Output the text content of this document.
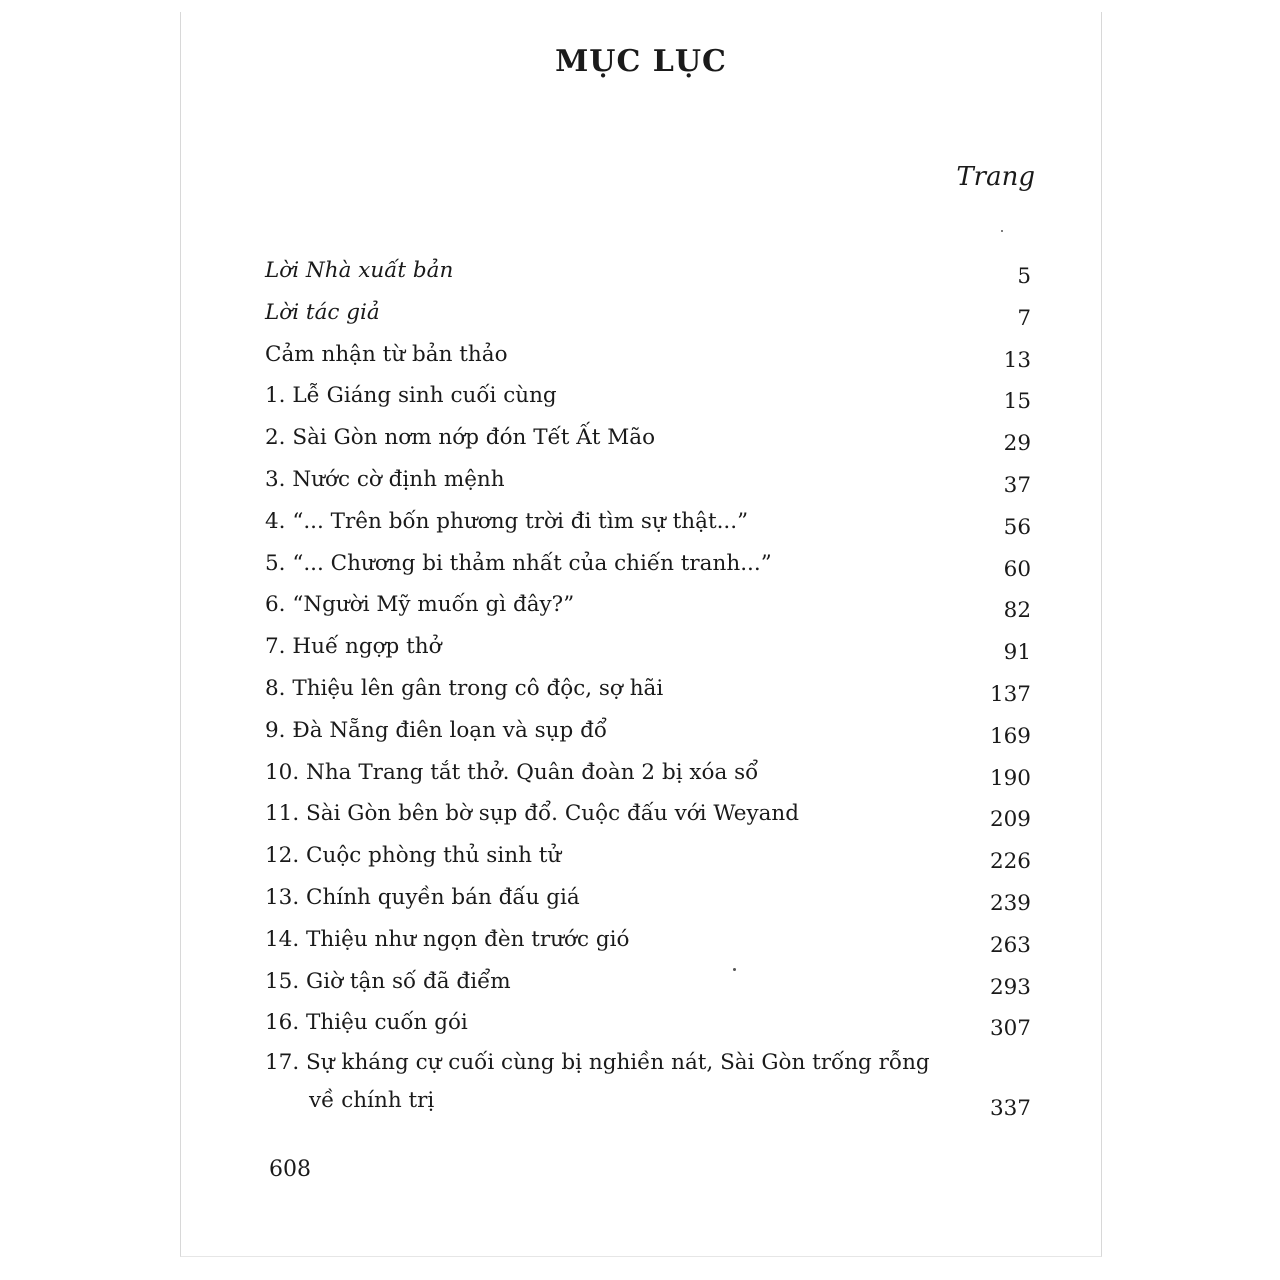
MỤC LỤC
Trang
Lời Nhà xuất bản	5
Lời tác giả	7
Cảm nhận từ bản thảo	13
1. Lễ Giáng sinh cuối cùng	15
2. Sài Gòn nơm nớp đón Tết Ất Mão	29
3. Nước cờ định mệnh	37
4. “... Trên bốn phương trời đi tìm sự thật...”	56
5. “... Chương bi thảm nhất của chiến tranh...”	60
6. “Người Mỹ muốn gì đây?”	82
7. Huế ngợp thở	91
8. Thiệu lên gân trong cô độc, sợ hãi	137
9. Đà Nẵng điên loạn và sụp đổ	169
10. Nha Trang tắt thở. Quân đoàn 2 bị xóa sổ	190
11. Sài Gòn bên bờ sụp đổ. Cuộc đấu với Weyand	209
12. Cuộc phòng thủ sinh tử	226
13. Chính quyền bán đấu giá	239
14. Thiệu như ngọn đèn trước gió	263
15. Giờ tận số đã điểm	293
16. Thiệu cuốn gói	307
17. Sự kháng cự cuối cùng bị nghiền nát, Sài Gòn trống rỗng
về chính trị	337
608
